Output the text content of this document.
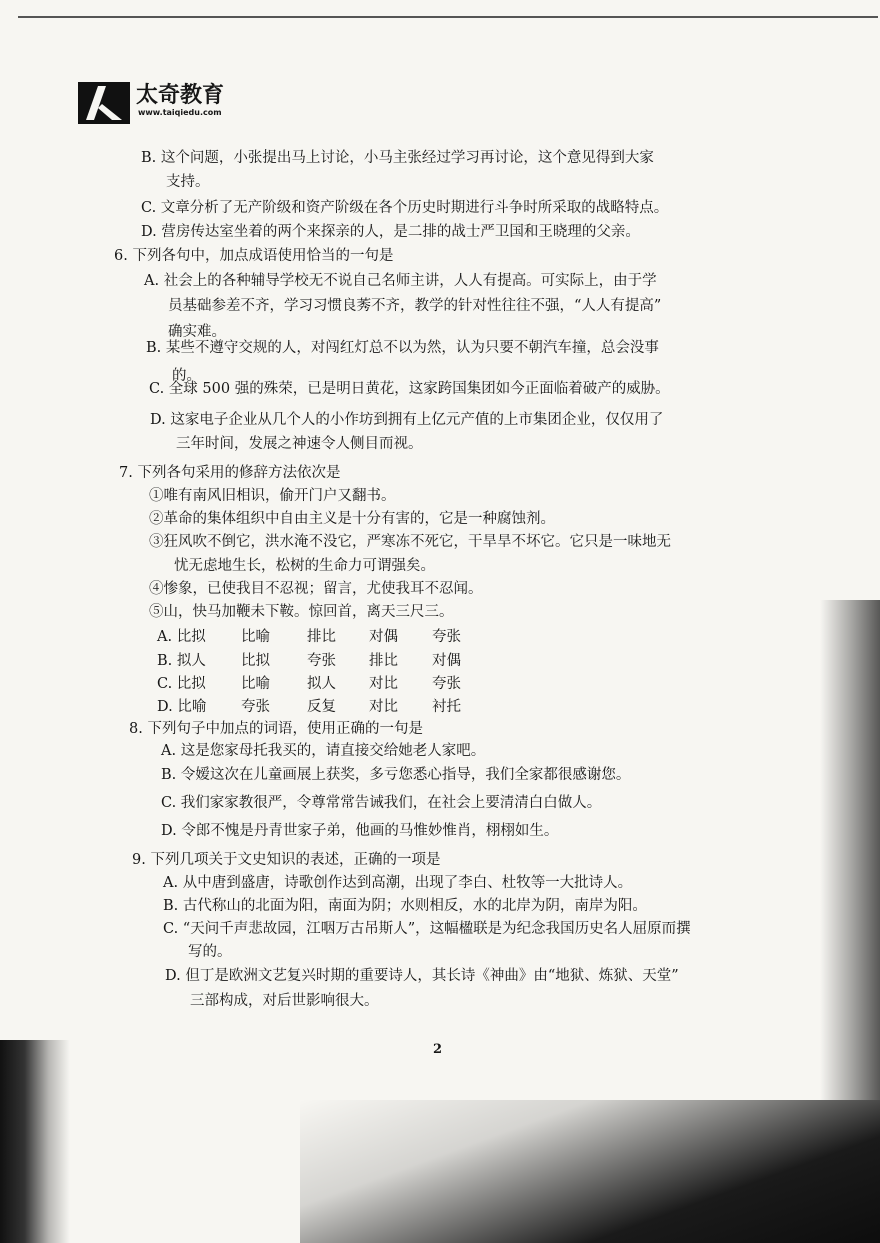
太奇教育
www.taiqiedu.com
B. 这个问题，小张提出马上讨论，小马主张经过学习再讨论，这个意见得到大家
支持。
C. 文章分析了无产阶级和资产阶级在各个历史时期进行斗争时所采取的战略特点。
D. 营房传达室坐着的两个来探亲的人，是二排的战士严卫国和王晓理的父亲。
6. 下列各句中，加点成语使用恰当的一句是
A. 社会上的各种辅导学校无不说自己名师主讲，人人有提高。可实际上，由于学
员基础参差不齐，学习习惯良莠不齐，教学的针对性往往不强，“人人有提高”
确实难。
B. 某些不遵守交规的人，对闯红灯总不以为然，认为只要不朝汽车撞，总会没事
的。
C. 全球 500 强的殊荣，已是明日黄花，这家跨国集团如今正面临着破产的威胁。
D. 这家电子企业从几个人的小作坊到拥有上亿元产值的上市集团企业，仅仅用了
三年时间，发展之神速令人侧目而视。
7. 下列各句采用的修辞方法依次是
①唯有南风旧相识，偷开门户又翻书。
②革命的集体组织中自由主义是十分有害的，它是一种腐蚀剂。
③狂风吹不倒它，洪水淹不没它，严寒冻不死它，干旱旱不坏它。它只是一味地无
忧无虑地生长，松树的生命力可谓强矣。
④惨象，已使我目不忍视；留言，尤使我耳不忍闻。
⑤山，快马加鞭未下鞍。惊回首，离天三尺三。
A. 比拟 比喻	排比 对偶 夸张
B. 拟人 比拟	夸张 排比 对偶
C. 比拟 比喻	拟人 对比 夸张
D. 比喻 夸张	反复 对比 衬托
8. 下列句子中加点的词语，使用正确的一句是
A. 这是您家母托我买的，请直接交给她老人家吧。
B. 令嫒这次在儿童画展上获奖，多亏您悉心指导，我们全家都很感谢您。
C. 我们家家教很严，令尊常常告诫我们，在社会上要清清白白做人。
D. 令郎不愧是丹青世家子弟，他画的马惟妙惟肖，栩栩如生。
9. 下列几项关于文史知识的表述，正确的一项是
A. 从中唐到盛唐，诗歌创作达到高潮，出现了李白、杜牧等一大批诗人。
B. 古代称山的北面为阳，南面为阴；水则相反，水的北岸为阴，南岸为阳。
C. “天问千声悲故园，江咽万古吊斯人”，这幅楹联是为纪念我国历史名人屈原而撰
写的。
D. 但丁是欧洲文艺复兴时期的重要诗人，其长诗《神曲》由“地狱、炼狱、天堂”
三部构成，对后世影响很大。
2
